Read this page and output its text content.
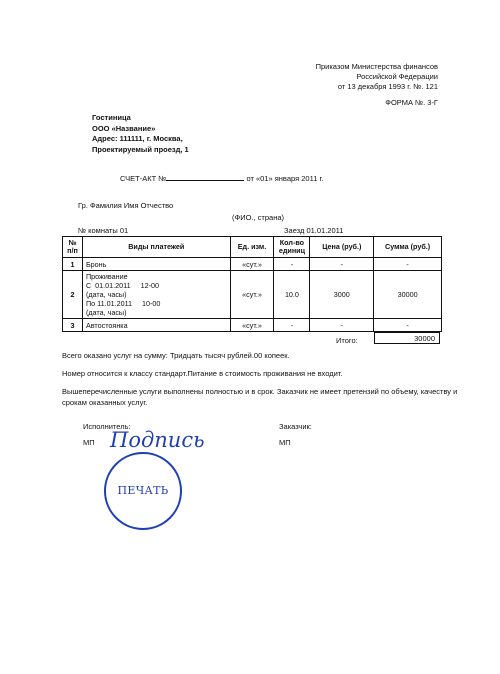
Приказом Министерства финансов
Российской Федерации
от 13 декабря 1993 г. №. 121
ФОРМА №. 3-Г
Гостиница
ООО «Название»
Адрес: 111111, г. Москва,
Проектируемый проезд, 1
СЧЕТ-АКТ №	от «01» января 2011 г.
Гр. Фамилия Имя Отчество
(ФИО., страна)
№ комнаты 01	Заезд 01.01.2011
№ п/п	Виды платежей	Ед. изм.	Кол-во единиц	Цена (руб.)	Сумма (руб.)
1	Бронь	«сут.»	-	-	-
2	Проживание
С  01.01.2011     12-00
(дата, часы)
По 11.01.2011     10-00
(дата, часы)	«сут.»	10.0	3000	30000
3	Автостоянка	«сут.»	-	-	-
Итого:	30000
Всего оказано услуг на сумму: Тридцать тысяч рублей.00 копеек.
Номер относится к классу стандарт.Питание в стоимость проживания не входит.
Вышеперечисленные услуги выполнены полностью и в срок. Заказчик не имеет претензий по объему, качеству и срокам оказанных услуг.
Исполнитель:
МП
Заказчик:
МП
Подпись
ПЕЧАТЬ
